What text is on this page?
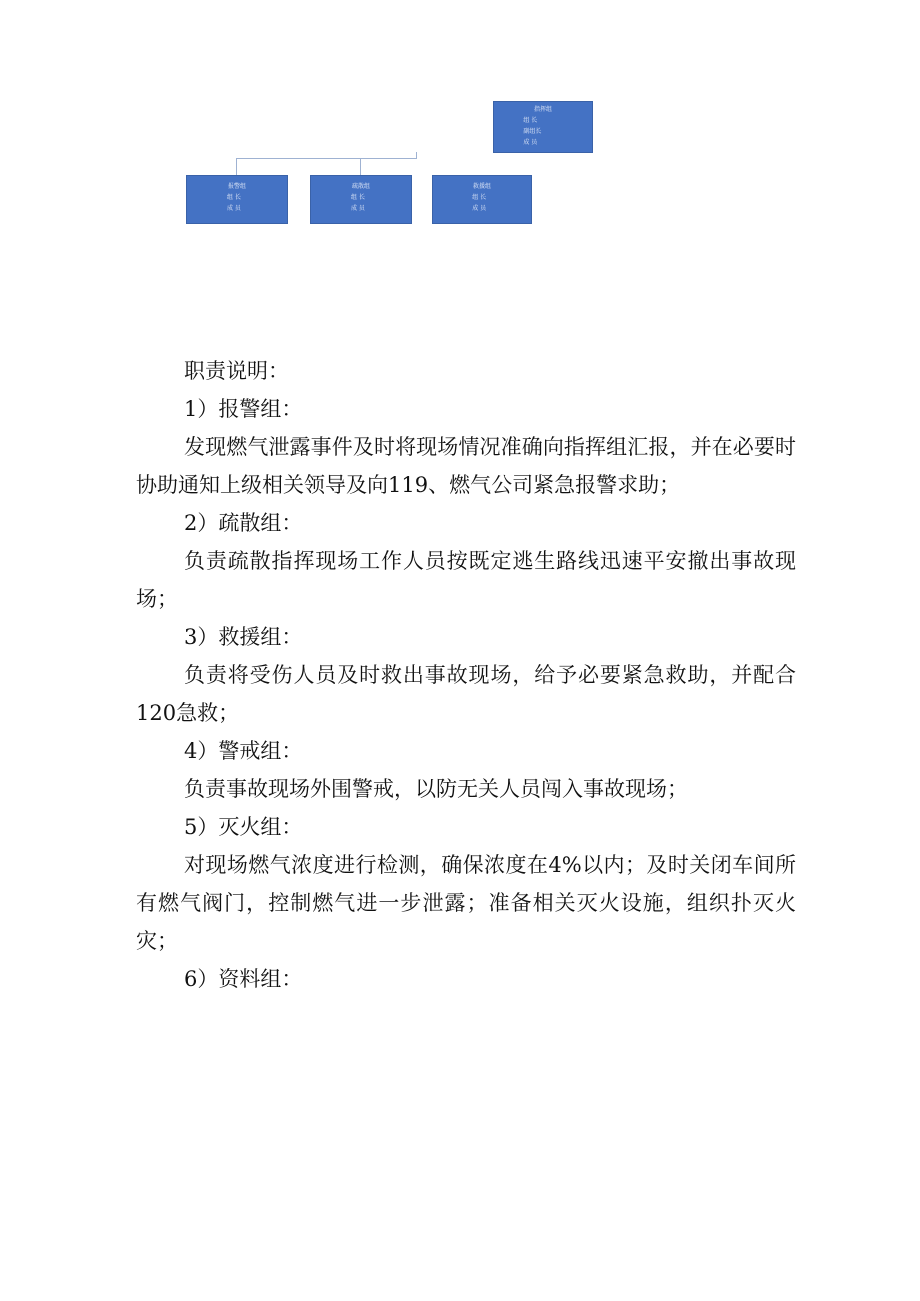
指挥组
组 长
副组长
成 员
报警组
组 长
成 员
疏散组
组 长
成 员
救援组
组 长
成 员

职责说明：

1）报警组：

发现燃气泄露事件及时将现场情况准确向指挥组汇报，并在必要时协助通知上级相关领导及向119、燃气公司紧急报警求助；

2）疏散组：

负责疏散指挥现场工作人员按既定逃生路线迅速平安撤出事故现场；

3）救援组：

负责将受伤人员及时救出事故现场，给予必要紧急救助，并配合120急救；

4）警戒组：

负责事故现场外围警戒，以防无关人员闯入事故现场；

5）灭火组：

对现场燃气浓度进行检测，确保浓度在4%以内；及时关闭车间所有燃气阀门，控制燃气进一步泄露；准备相关灭火设施，组织扑灭火灾；

6）资料组：
